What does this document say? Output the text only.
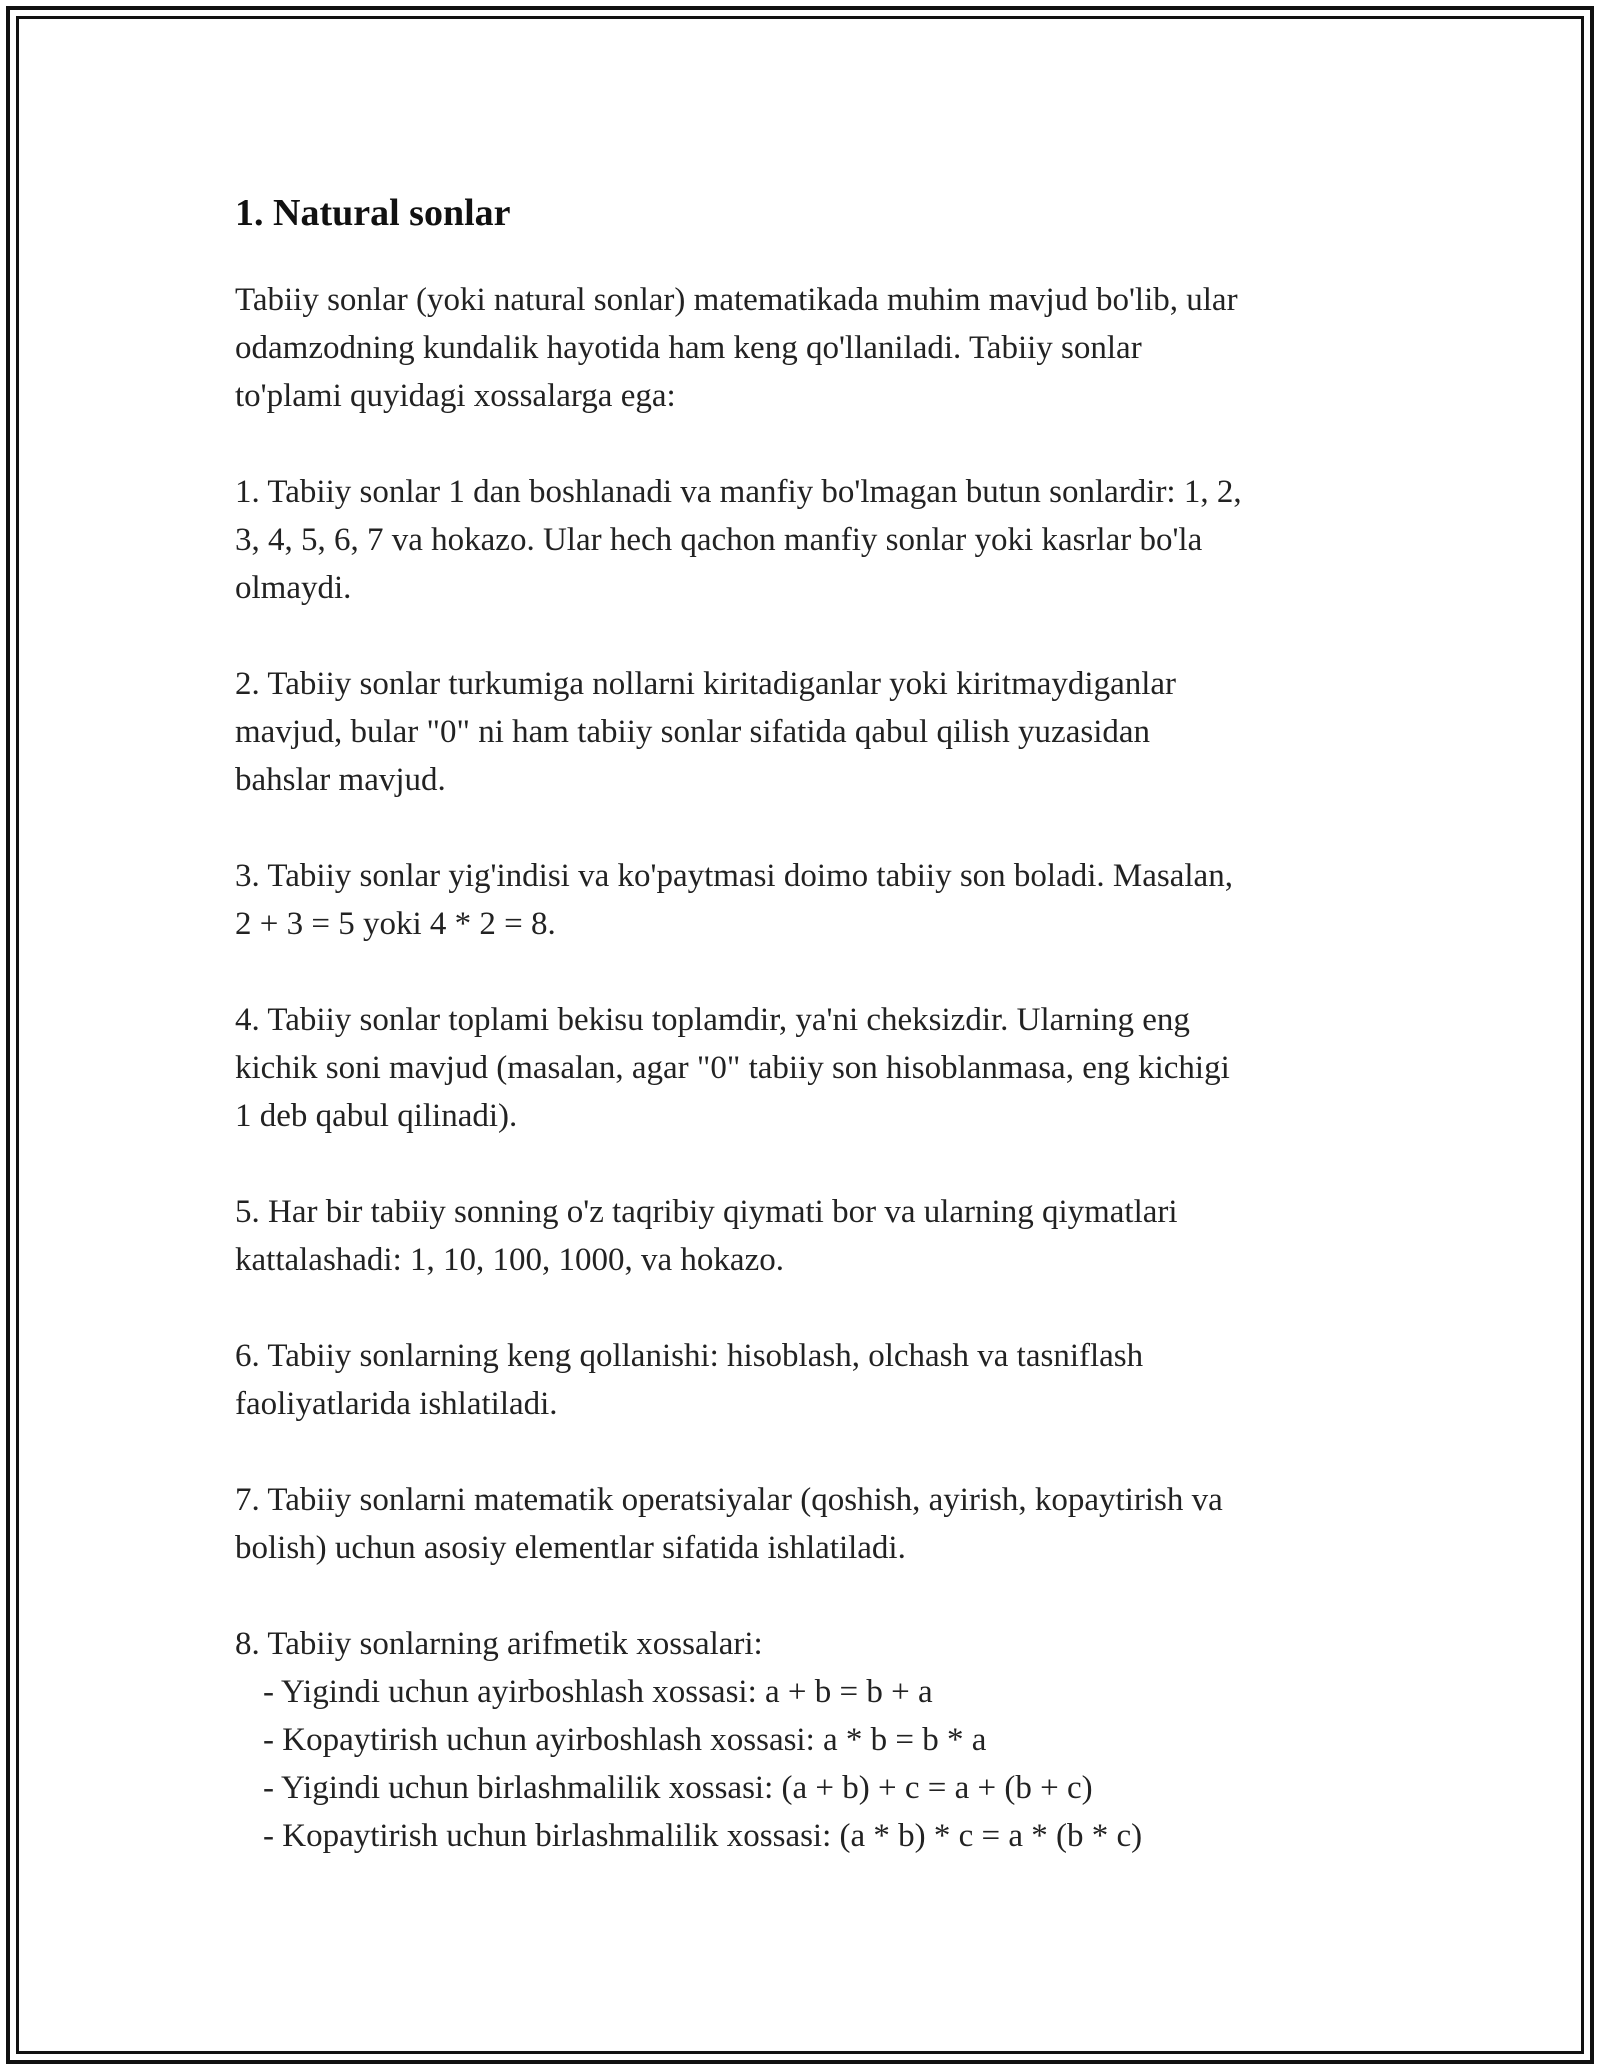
1. Natural sonlar

Tabiiy sonlar (yoki natural sonlar) matematikada muhim mavjud bo'lib, ular
odamzodning kundalik hayotida ham keng qo'llaniladi. Tabiiy sonlar
to'plami quyidagi xossalarga ega:

1. Tabiiy sonlar 1 dan boshlanadi va manfiy bo'lmagan butun sonlardir: 1, 2,
3, 4, 5, 6, 7 va hokazo. Ular hech qachon manfiy sonlar yoki kasrlar bo'la
olmaydi.

2. Tabiiy sonlar turkumiga nollarni kiritadiganlar yoki kiritmaydiganlar
mavjud, bular "0" ni ham tabiiy sonlar sifatida qabul qilish yuzasidan
bahslar mavjud.

3. Tabiiy sonlar yig'indisi va ko'paytmasi doimo tabiiy son boladi. Masalan,
2 + 3 = 5 yoki 4 * 2 = 8.

4. Tabiiy sonlar toplami bekisu toplamdir, ya'ni cheksizdir. Ularning eng
kichik soni mavjud (masalan, agar "0" tabiiy son hisoblanmasa, eng kichigi
1 deb qabul qilinadi).

5. Har bir tabiiy sonning o'z taqribiy qiymati bor va ularning qiymatlari
kattalashadi: 1, 10, 100, 1000, va hokazo.

6. Tabiiy sonlarning keng qollanishi: hisoblash, olchash va tasniflash
faoliyatlarida ishlatiladi.

7. Tabiiy sonlarni matematik operatsiyalar (qoshish, ayirish, kopaytirish va
bolish) uchun asosiy elementlar sifatida ishlatiladi.

8. Tabiiy sonlarning arifmetik xossalari:
- Yigindi uchun ayirboshlash xossasi: a + b = b + a
- Kopaytirish uchun ayirboshlash xossasi: a * b = b * a
- Yigindi uchun birlashmalilik xossasi: (a + b) + c = a + (b + c)
- Kopaytirish uchun birlashmalilik xossasi: (a * b) * c = a * (b * c)
